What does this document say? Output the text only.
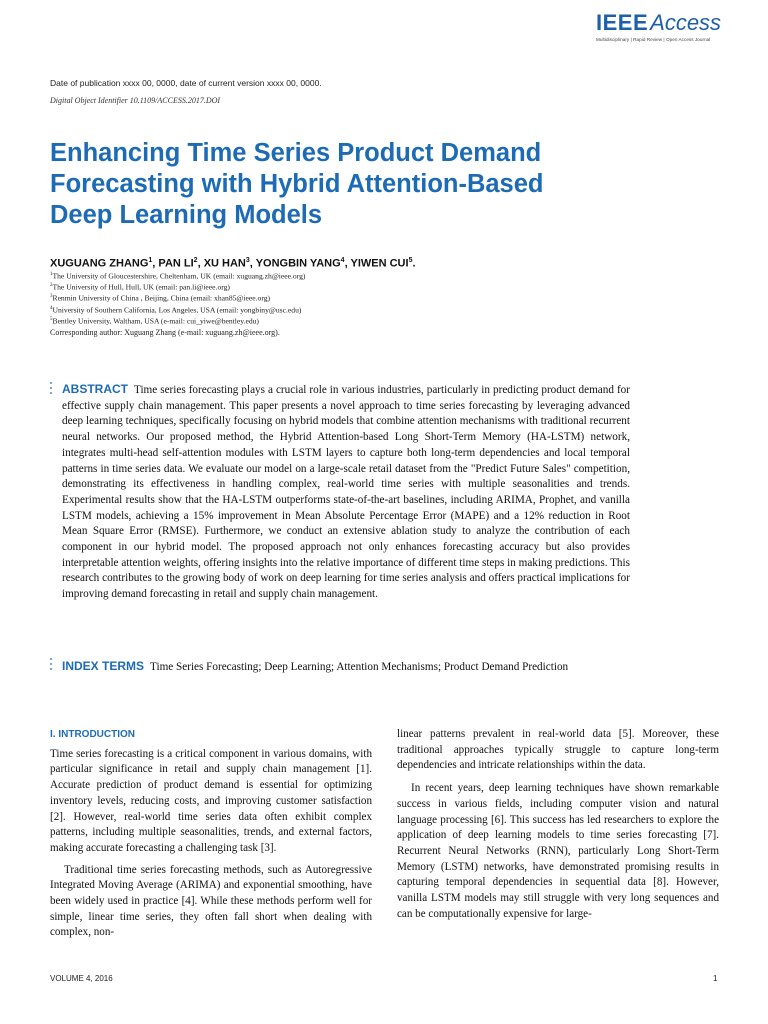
IEEEAccess
Multidisciplinary | Rapid Review | Open Access Journal
Date of publication xxxx 00, 0000, date of current version xxxx 00, 0000.
Digital Object Identifier 10.1109/ACCESS.2017.DOI
Enhancing Time Series Product Demand
Forecasting with Hybrid Attention-Based
Deep Learning Models
XUGUANG ZHANG$^1$, PAN $LI^2$, XU HAN$^3$, YONGBIN YANG$^4$, YIWEN CUI$^5$.
$^1$The University of Gloucestershire, Cheltenham, UK (email: xuguang.zh@ieee.org)
$^2$The University of Hull, Hull, UK (email: pan.li@ieee.org)
$^3$Renmin University of China , Beijing, China (email: xhan85@ieee.org)
$^4$University of Southern California, Los Angeles, USA (email: yongbiny@usc.edu)
$^5$Bentley University, Waltham, USA (e-mail: cui_yiwe@bentley.edu)
Corresponding author: Xuguang Zhang (e-mail: xuguang.zh@ieee.org).
ABSTRACT Time series forecasting plays a crucial role in various industries, particularly in predicting product demand for effective supply chain management. This paper presents a novel approach to time series forecasting by leveraging advanced deep learning techniques, specifically focusing on hybrid models that combine attention mechanisms with traditional recurrent neural networks. Our proposed method, the Hybrid Attention-based Long Short-Term Memory (HA-LSTM) network, integrates multi-head self-attention modules with LSTM layers to capture both long-term dependencies and local temporal patterns in time series data. We evaluate our model on a large-scale retail dataset from the "Predict Future Sales" competition, demonstrating its effectiveness in handling complex, real-world time series with multiple seasonalities and trends. Experimental results show that the HA-LSTM outperforms state-of-the-art baselines, including ARIMA, Prophet, and vanilla LSTM models, achieving a 15% improvement in Mean Absolute Percentage Error (MAPE) and a 12% reduction in Root Mean Square Error (RMSE). Furthermore, we conduct an extensive ablation study to analyze the contribution of each component in our hybrid model. The proposed approach not only enhances forecasting accuracy but also provides interpretable attention weights, offering insights into the relative importance of different time steps in making predictions. This research contributes to the growing body of work on deep learning for time series analysis and offers practical implications for improving demand forecasting in retail and supply chain management.
INDEX TERMS Time Series Forecasting; Deep Learning; Attention Mechanisms; Product Demand Prediction
I. INTRODUCTION

Time series forecasting is a critical component in various domains, with particular significance in retail and supply chain management [1]. Accurate prediction of product demand is essential for optimizing inventory levels, reducing costs, and improving customer satisfaction [2]. However, real-world time series data often exhibit complex patterns, including multiple seasonalities, trends, and external factors, making accurate forecasting a challenging task [3].

Traditional time series forecasting methods, such as Autoregressive Integrated Moving Average (ARIMA) and exponential smoothing, have been widely used in practice [4]. While these methods perform well for simple, linear time series, they often fall short when dealing with complex, non-

linear patterns prevalent in real-world data [5]. Moreover, these traditional approaches typically struggle to capture long-term dependencies and intricate relationships within the data.

In recent years, deep learning techniques have shown remarkable success in various fields, including computer vision and natural language processing [6]. This success has led researchers to explore the application of deep learning models to time series forecasting [7]. Recurrent Neural Networks (RNN), particularly Long Short-Term Memory (LSTM) networks, have demonstrated promising results in capturing temporal dependencies in sequential data [8]. However, vanilla LSTM models may still struggle with very long sequences and can be computationally expensive for large-

VOLUME 4, 2016	1
